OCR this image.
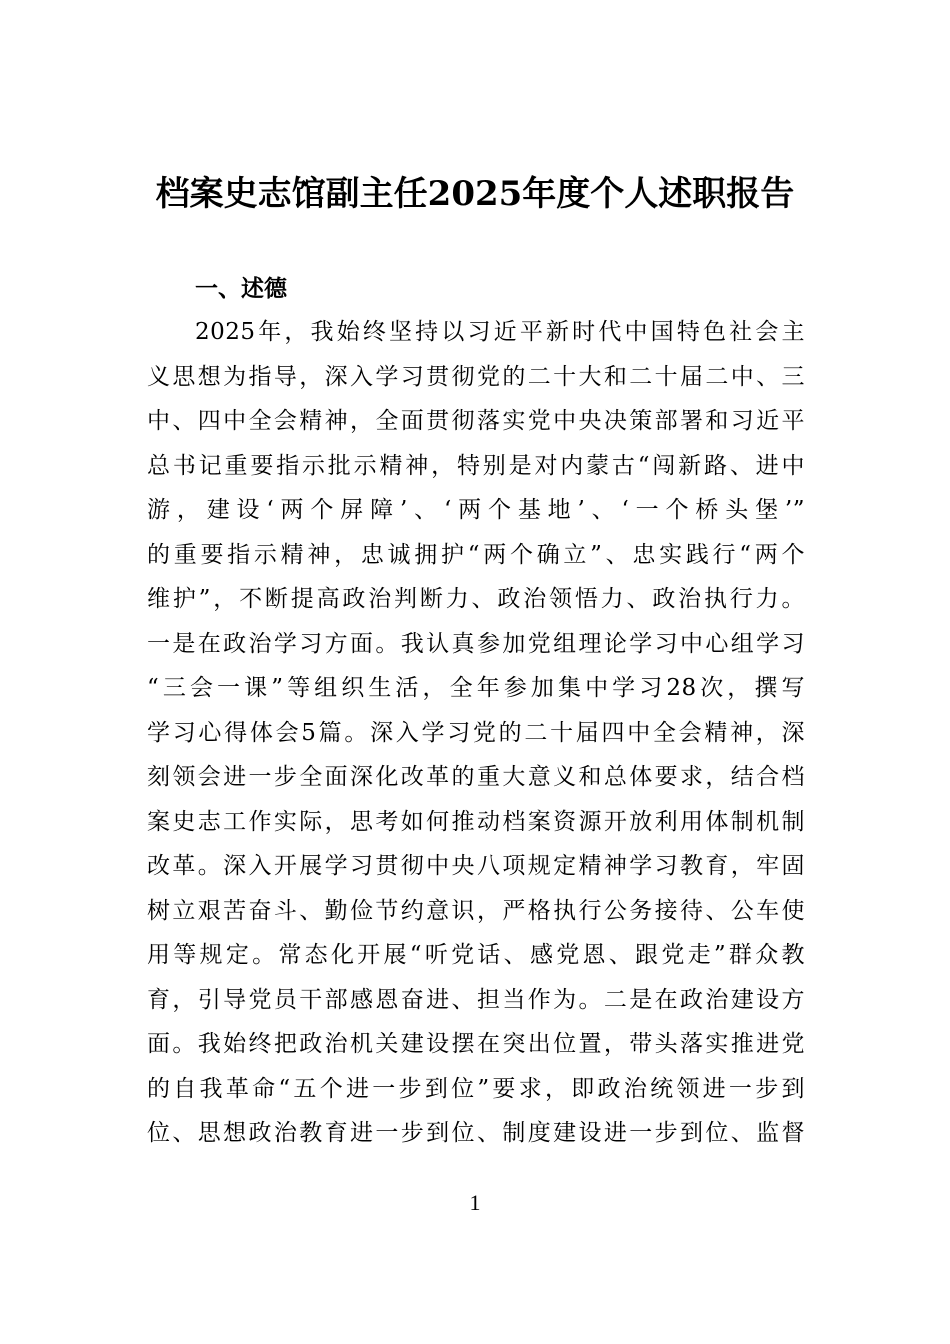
档案史志馆副主任2025年度个人述职报告
一、述德
2025年，我始终坚持以习近平新时代中国特色社会主
义思想为指导，深入学习贯彻党的二十大和二十届二中、三
中、四中全会精神，全面贯彻落实党中央决策部署和习近平
总书记重要指示批示精神，特别是对内蒙古“闯新路、进中
游，建设‘两个屏障’、‘两个基地’、‘一个桥头堡’”
的重要指示精神，忠诚拥护“两个确立”、忠实践行“两个
维护”，不断提高政治判断力、政治领悟力、政治执行力。
一是在政治学习方面。我认真参加党组理论学习中心组学习
“三会一课”等组织生活，全年参加集中学习28次，撰写
学习心得体会5篇。深入学习党的二十届四中全会精神，深
刻领会进一步全面深化改革的重大意义和总体要求，结合档
案史志工作实际，思考如何推动档案资源开放利用体制机制
改革。深入开展学习贯彻中央八项规定精神学习教育，牢固
树立艰苦奋斗、勤俭节约意识，严格执行公务接待、公车使
用等规定。常态化开展“听党话、感党恩、跟党走”群众教
育，引导党员干部感恩奋进、担当作为。二是在政治建设方
面。我始终把政治机关建设摆在突出位置，带头落实推进党
的自我革命“五个进一步到位”要求，即政治统领进一步到
位、思想政治教育进一步到位、制度建设进一步到位、监督
1
